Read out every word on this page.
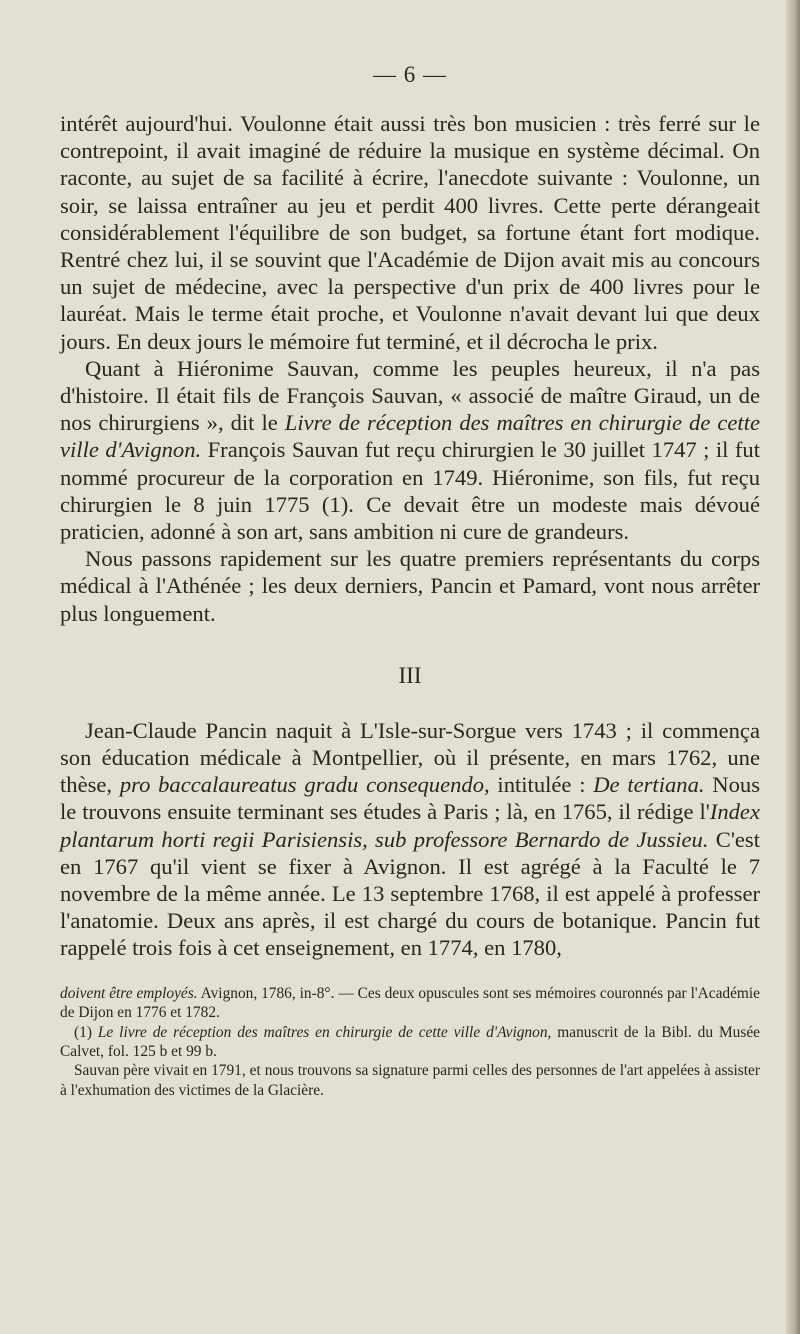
— 6 —

intérêt aujourd'hui. Voulonne était aussi très bon musicien : très ferré sur le contrepoint, il avait imaginé de réduire la musique en système décimal. On raconte, au sujet de sa facilité à écrire, l'anecdote suivante : Voulonne, un soir, se laissa entraîner au jeu et perdit 400 livres. Cette perte dérangeait considérablement l'équilibre de son budget, sa fortune étant fort modique. Rentré chez lui, il se souvint que l'Académie de Dijon avait mis au concours un sujet de médecine, avec la perspective d'un prix de 400 livres pour le lauréat. Mais le terme était proche, et Voulonne n'avait devant lui que deux jours. En deux jours le mémoire fut terminé, et il décrocha le prix.

Quant à Hiéronime Sauvan, comme les peuples heureux, il n'a pas d'histoire. Il était fils de François Sauvan, « associé de maître Giraud, un de nos chirurgiens », dit le Livre de réception des maîtres en chirurgie de cette ville d'Avignon. François Sauvan fut reçu chirurgien le 30 juillet 1747 ; il fut nommé procureur de la corporation en 1749. Hiéronime, son fils, fut reçu chirurgien le 8 juin 1775 (1). Ce devait être un modeste mais dévoué praticien, adonné à son art, sans ambition ni cure de grandeurs.

Nous passons rapidement sur les quatre premiers représentants du corps médical à l'Athénée ; les deux derniers, Pancin et Pamard, vont nous arrêter plus longuement.

III

Jean-Claude Pancin naquit à L'Isle-sur-Sorgue vers 1743 ; il commença son éducation médicale à Montpellier, où il présente, en mars 1762, une thèse, pro baccalaureatus gradu consequendo, intitulée : De tertiana. Nous le trouvons ensuite terminant ses études à Paris ; là, en 1765, il rédige l'Index plantarum horti regii Parisiensis, sub professore Bernardo de Jussieu. C'est en 1767 qu'il vient se fixer à Avignon. Il est agrégé à la Faculté le 7 novembre de la même année. Le 13 septembre 1768, il est appelé à professer l'anatomie. Deux ans après, il est chargé du cours de botanique. Pancin fut rappelé trois fois à cet enseignement, en 1774, en 1780,

doivent être employés. Avignon, 1786, in-8°. — Ces deux opuscules sont ses mémoires couronnés par l'Académie de Dijon en 1776 et 1782.

(1) Le livre de réception des maîtres en chirurgie de cette ville d'Avignon, manuscrit de la Bibl. du Musée Calvet, fol. 125 b et 99 b.

Sauvan père vivait en 1791, et nous trouvons sa signature parmi celles des personnes de l'art appelées à assister à l'exhumation des victimes de la Glacière.
